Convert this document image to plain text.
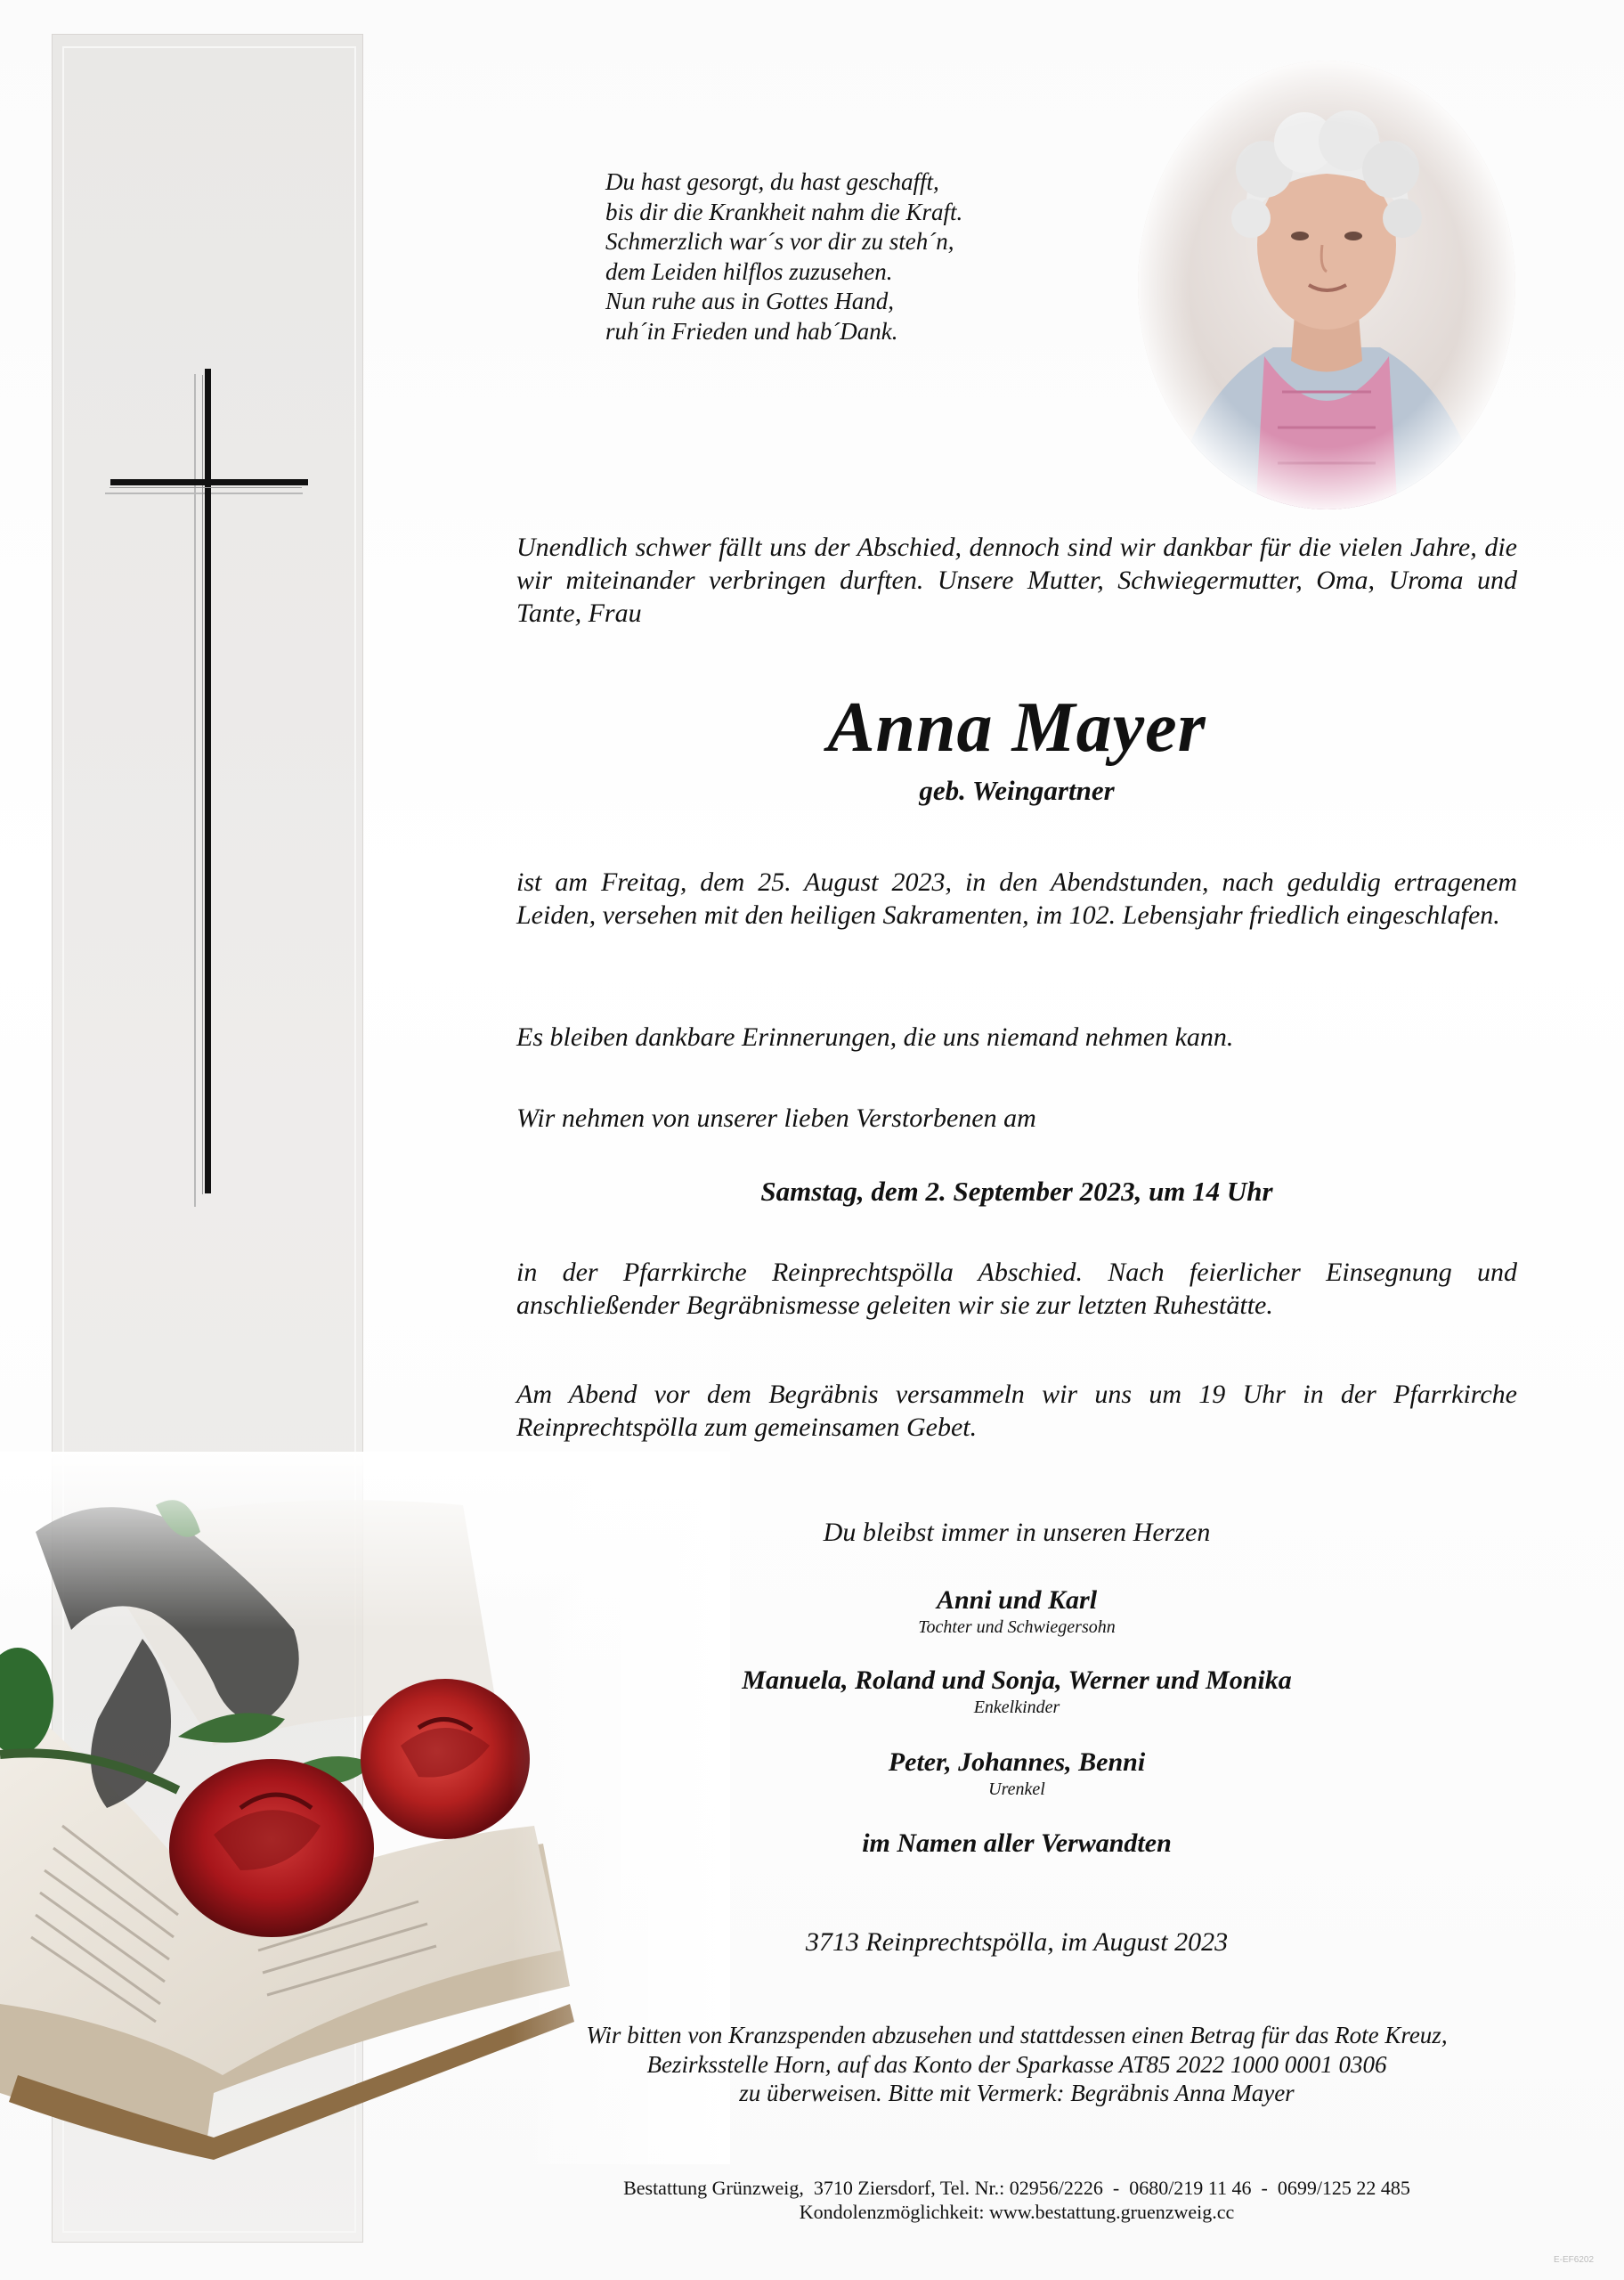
Du hast gesorgt, du hast geschafft,
bis dir die Krankheit nahm die Kraft.
Schmerzlich war´s vor dir zu steh´n,
dem Leiden hilflos zuzusehen.
Nun ruhe aus in Gottes Hand,
ruh´in Frieden und hab´Dank.
Unendlich schwer fällt uns der Abschied, dennoch sind wir dankbar für die vielen Jahre, die wir miteinander verbringen durften. Unsere Mutter, Schwiegermutter, Oma, Uroma und Tante, Frau
Anna Mayer
geb. Weingartner
ist am Freitag, dem 25. August 2023, in den Abendstunden, nach geduldig ertragenem Leiden, versehen mit den heiligen Sakramenten, im 102. Lebensjahr friedlich eingeschlafen.
Es bleiben dankbare Erinnerungen, die uns niemand nehmen kann.
Wir nehmen von unserer lieben Verstorbenen am
Samstag, dem 2. September 2023, um 14 Uhr
in der Pfarrkirche Reinprechtspölla Abschied. Nach feierlicher Einsegnung und anschließender Begräbnismesse geleiten wir sie zur letzten Ruhestätte.
Am Abend vor dem Begräbnis versammeln wir uns um 19 Uhr in der Pfarrkirche Reinprechtspölla zum gemeinsamen Gebet.
Du bleibst immer in unseren Herzen
Anni und Karl
Tochter und Schwiegersohn
Manuela, Roland und Sonja, Werner und Monika
Enkelkinder
Peter, Johannes, Benni
Urenkel
im Namen aller Verwandten
3713 Reinprechtspölla, im August 2023
Wir bitten von Kranzspenden abzusehen und stattdessen einen Betrag für das Rote Kreuz,
Bezirksstelle Horn, auf das Konto der Sparkasse AT85 2022 1000 0001 0306
zu überweisen. Bitte mit Vermerk: Begräbnis Anna Mayer
Bestattung Grünzweig,  3710 Ziersdorf, Tel. Nr.: 02956/2226  -  0680/219 11 46  -  0699/125 22 485
Kondolenzmöglichkeit: www.bestattung.gruenzweig.cc
E-EF6202
